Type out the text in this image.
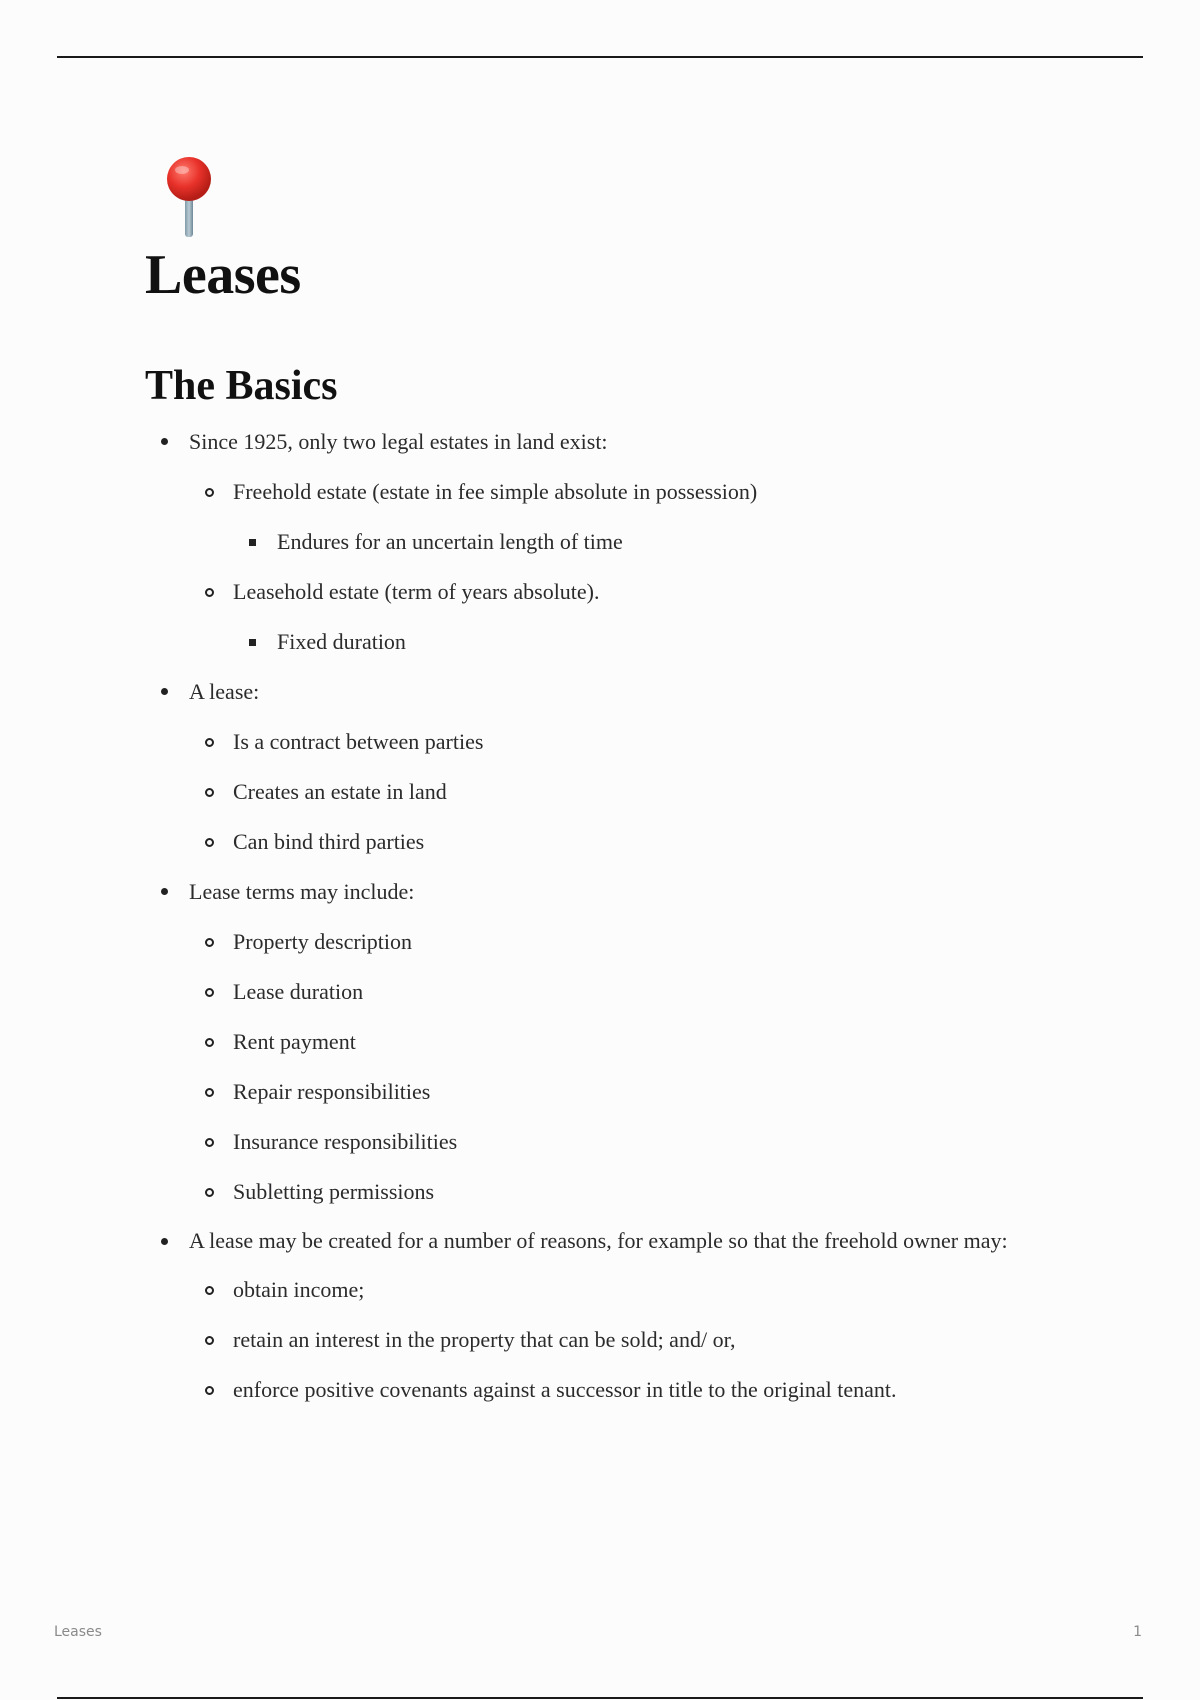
Leases
The Basics
Since 1925, only two legal estates in land exist:
Freehold estate (estate in fee simple absolute in possession)
Endures for an uncertain length of time
Leasehold estate (term of years absolute).
Fixed duration
A lease:
Is a contract between parties
Creates an estate in land
Can bind third parties
Lease terms may include:
Property description
Lease duration
Rent payment
Repair responsibilities
Insurance responsibilities
Subletting permissions
A lease may be created for a number of reasons, for example so that the freehold owner may:
obtain income;
retain an interest in the property that can be sold; and/ or,
enforce positive covenants against a successor in title to the original tenant.
Leases	1
